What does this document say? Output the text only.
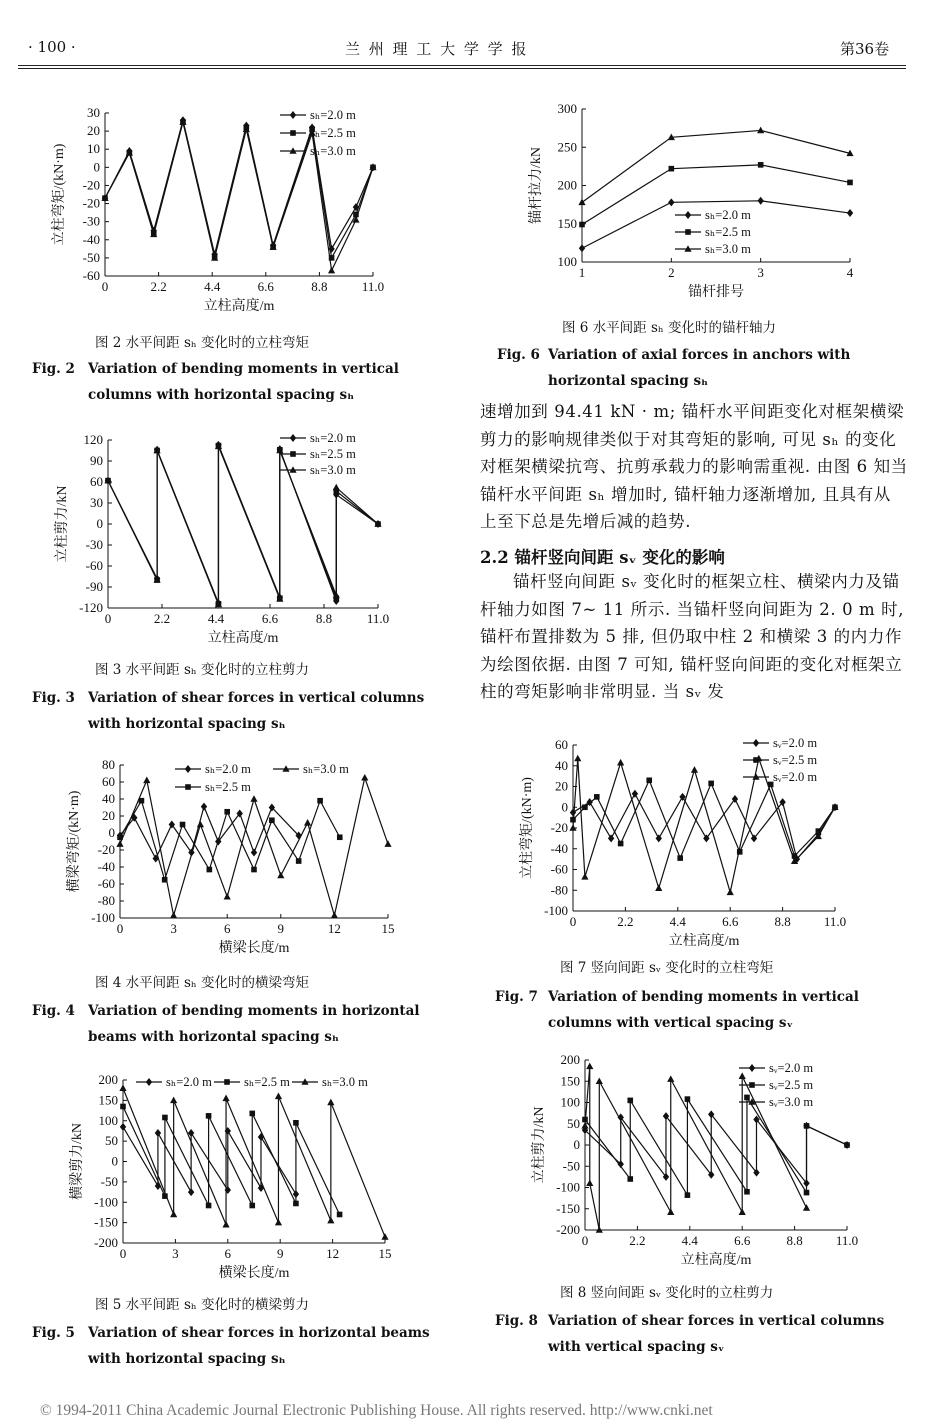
· 100 ·	兰 州 理 工 大 学 学 报	第36卷
30
20
10
0
-20
-20
-30
-40
-50
-60
0	2.2	4.4	6.6	8.8	11.0
立柱高度/m
立柱弯矩/(kN·m)
sₕ=2.0 m
sₕ=2.5 m
sₕ=3.0 m
120
90
60
30
0
-30
-60
-90
-120
0	2.2	4.4	6.6	8.8	11.0
立柱高度/m
立柱剪力/kN
sₕ=2.0 m
sₕ=2.5 m
sₕ=3.0 m
80
60
40
20
0
-20
-40
-60
-80
-100
0	3	6	9	12	15
横梁长度/m
横梁弯矩/(kN·m)
sₕ=2.0 m
sₕ=2.5 m
sₕ=3.0 m
200
150
100
50
0
-50
-100
-150
-200
0	3	6	9	12	15
横梁长度/m
横梁剪力/kN
sₕ=2.0 m	sₕ=2.5 m	sₕ=3.0 m
300
250
200
150
100
1	2	3	4
锚杆排号
锚杆拉力/kN	sₕ=2.0 m
sₕ=2.5 m
sₕ=3.0 m
60
40
20
0
-20
-40
-60
-80
-100
0	2.2	4.4	6.6	8.8	11.0
立柱高度/m
立柱弯矩/(kN·m)
sᵥ=2.0 m
sᵥ=2.5 m
sᵥ=2.0 m
200
150
100
50
0
-50
-100
-150
-200
0	2.2	4.4	6.6	8.8	11.0
立柱高度/m
立柱剪力/kN
sᵥ=2.0 m
sᵥ=2.5 m
sᵥ=3.0 m
图 2 水平间距 sₕ 变化时的立柱弯矩
Fig. 2 Variation of bending moments in vertical columns with horizontal spacing sₕ
图 3 水平间距 sₕ 变化时的立柱剪力
Fig. 3 Variation of shear forces in vertical columns with horizontal spacing sₕ
图 4 水平间距 sₕ 变化时的横梁弯矩
Fig. 4 Variation of bending moments in horizontal beams with horizontal spacing sₕ
图 5 水平间距 sₕ 变化时的横梁剪力
Fig. 5 Variation of shear forces in horizontal beams with horizontal spacing sₕ
图 6 水平间距 sₕ 变化时的锚杆轴力
Fig. 6 Variation of axial forces in anchors with horizontal spacing sₕ
速增加到 94.41 kN · m; 锚杆水平间距变化对框架横梁剪力的影响规律类似于对其弯矩的影响, 可见 sₕ 的变化对框架横梁抗弯、抗剪承载力的影响需重视. 由图 6 知当锚杆水平间距 sₕ 增加时, 锚杆轴力逐渐增加, 且具有从上至下总是先增后减的趋势.
2.2 锚杆竖向间距 sᵥ 变化的影响
锚杆竖向间距 sᵥ 变化时的框架立柱、横梁内力及锚杆轴力如图 7~ 11 所示. 当锚杆竖向间距为 2. 0 m 时, 锚杆布置排数为 5 排, 但仍取中柱 2 和横梁 3 的内力作为绘图依据. 由图 7 可知, 锚杆竖向间距的变化对框架立柱的弯矩影响非常明显. 当 sᵥ 发
图 7 竖向间距 sᵥ 变化时的立柱弯矩
Fig. 7 Variation of bending moments in vertical columns with vertical spacing sᵥ
图 8 竖向间距 sᵥ 变化时的立柱剪力
Fig. 8 Variation of shear forces in vertical columns with vertical spacing sᵥ
© 1994-2011 China Academic Journal Electronic Publishing House. All rights reserved. http://www.cnki.net
